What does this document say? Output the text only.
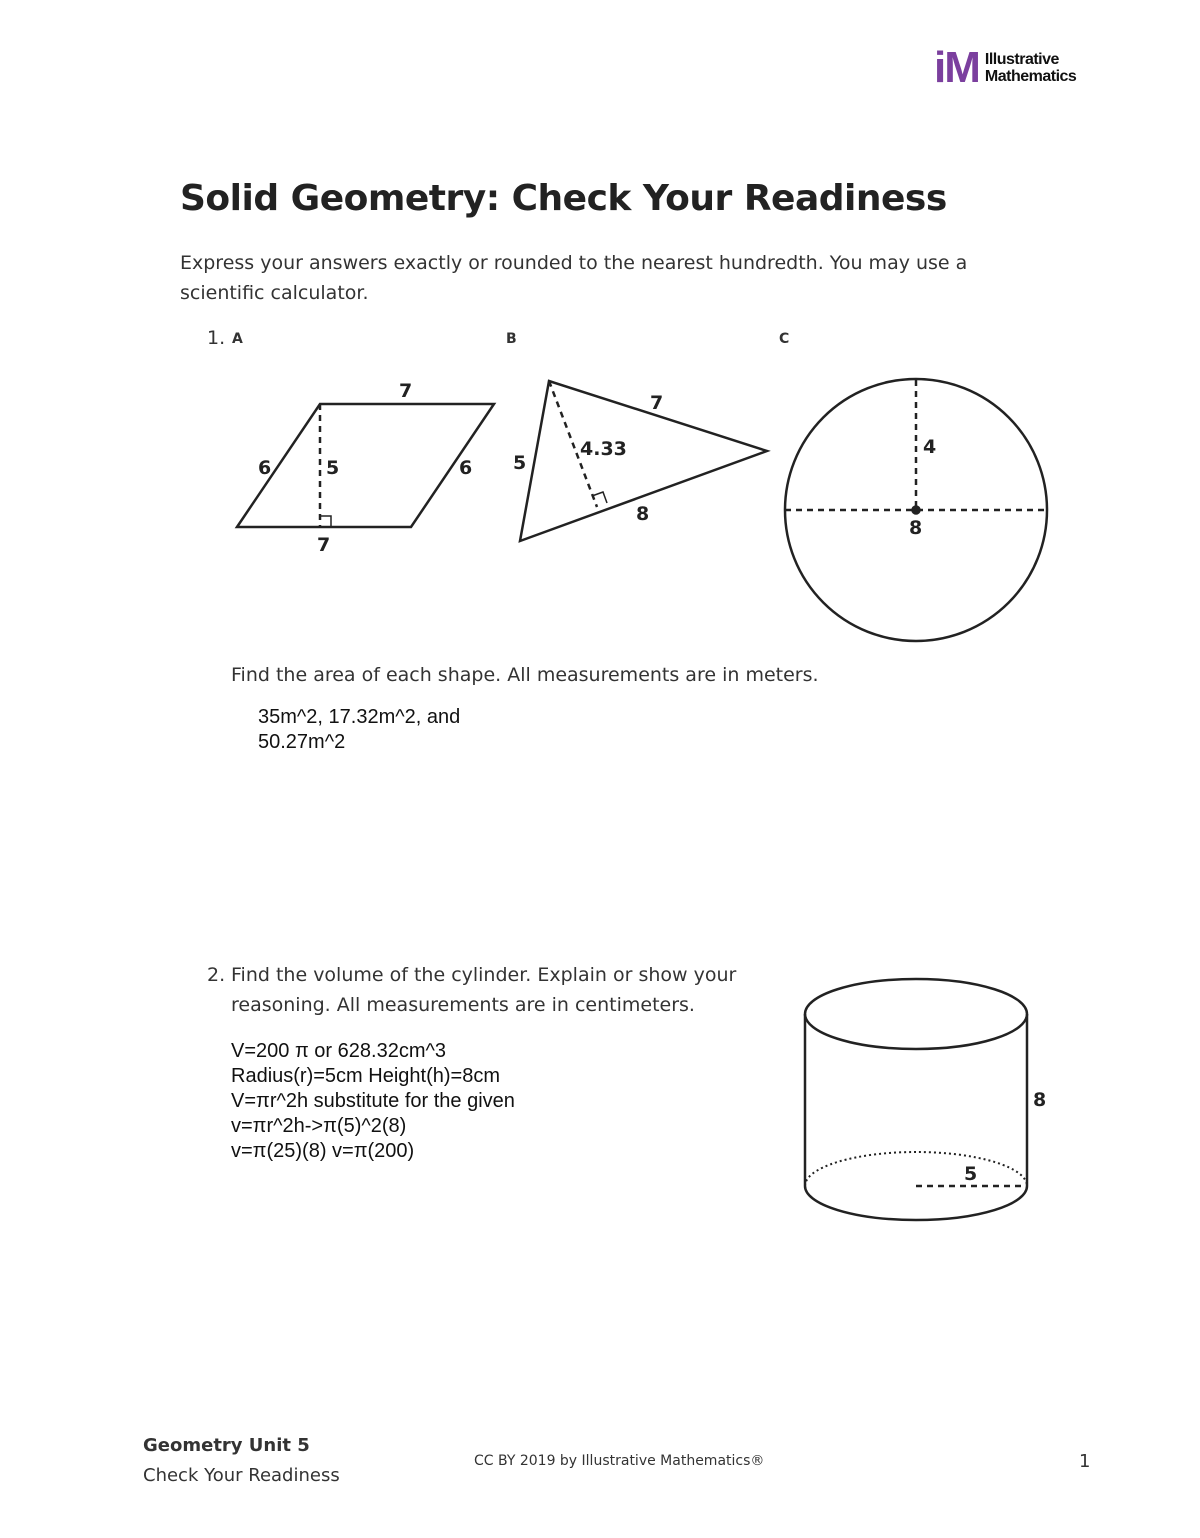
iM Illustrative
Mathematics
Solid Geometry: Check Your Readiness
Express your answers exactly or rounded to the nearest hundredth. You may use a scientific calculator.
1. A	B	C
7
6	5	6
7
7
5
4.33
8
4
8
8
5
Find the area of each shape. All measurements are in meters.
35m^2, 17.32m^2, and
50.27m^2
2. Find the volume of the cylinder. Explain or show your reasoning. All measurements are in centimeters.
V=200 π or 628.32cm^3
Radius(r)=5cm Height(h)=8cm
V=πr^2h substitute for the given
v=πr^2h->π(5)^2(8)
v=π(25)(8) v=π(200)
Geometry Unit 5
Check Your Readiness
CC BY 2019 by Illustrative Mathematics®	1
